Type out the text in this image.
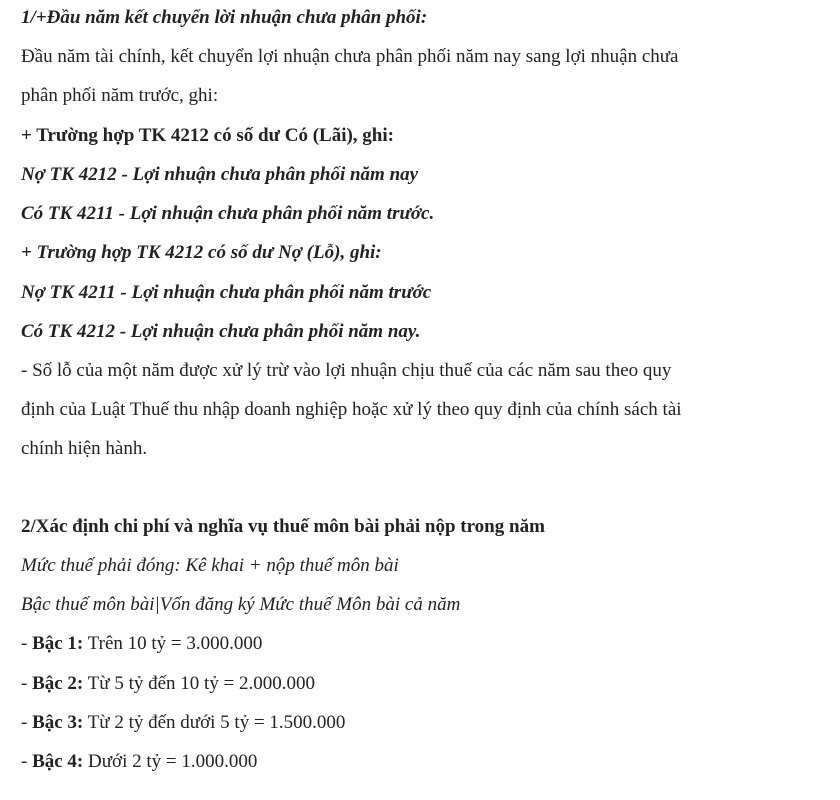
1/+Đầu năm kết chuyển lời nhuận chưa phân phối:
Đầu năm tài chính, kết chuyển lợi nhuận chưa phân phối năm nay sang lợi nhuận chưa
phân phối năm trước, ghi:
+ Trường hợp TK 4212 có số dư Có (Lãi), ghi:
Nợ TK 4212 - Lợi nhuận chưa phân phối năm nay
Có TK 4211 - Lợi nhuận chưa phân phối năm trước.
+ Trường hợp TK 4212 có số dư Nợ (Lỗ), ghi:
Nợ TK 4211 - Lợi nhuận chưa phân phối năm trước
Có TK 4212 - Lợi nhuận chưa phân phối năm nay.
- Số lỗ của một năm được xử lý trừ vào lợi nhuận chịu thuế của các năm sau theo quy
định của Luật Thuế thu nhập doanh nghiệp hoặc xử lý theo quy định của chính sách tài
chính hiện hành.
2/Xác định chi phí và nghĩa vụ thuế môn bài phải nộp trong năm
Mức thuế phải đóng: Kê khai + nộp thuế môn bài
Bậc thuế môn bài|Vốn đăng ký Mức thuế Môn bài cả năm
- Bậc 1: Trên 10 tỷ = 3.000.000
- Bậc 2: Từ 5 tỷ đến 10 tỷ = 2.000.000
- Bậc 3: Từ 2 tỷ đến dưới 5 tỷ = 1.500.000
- Bậc 4: Dưới 2 tỷ = 1.000.000
